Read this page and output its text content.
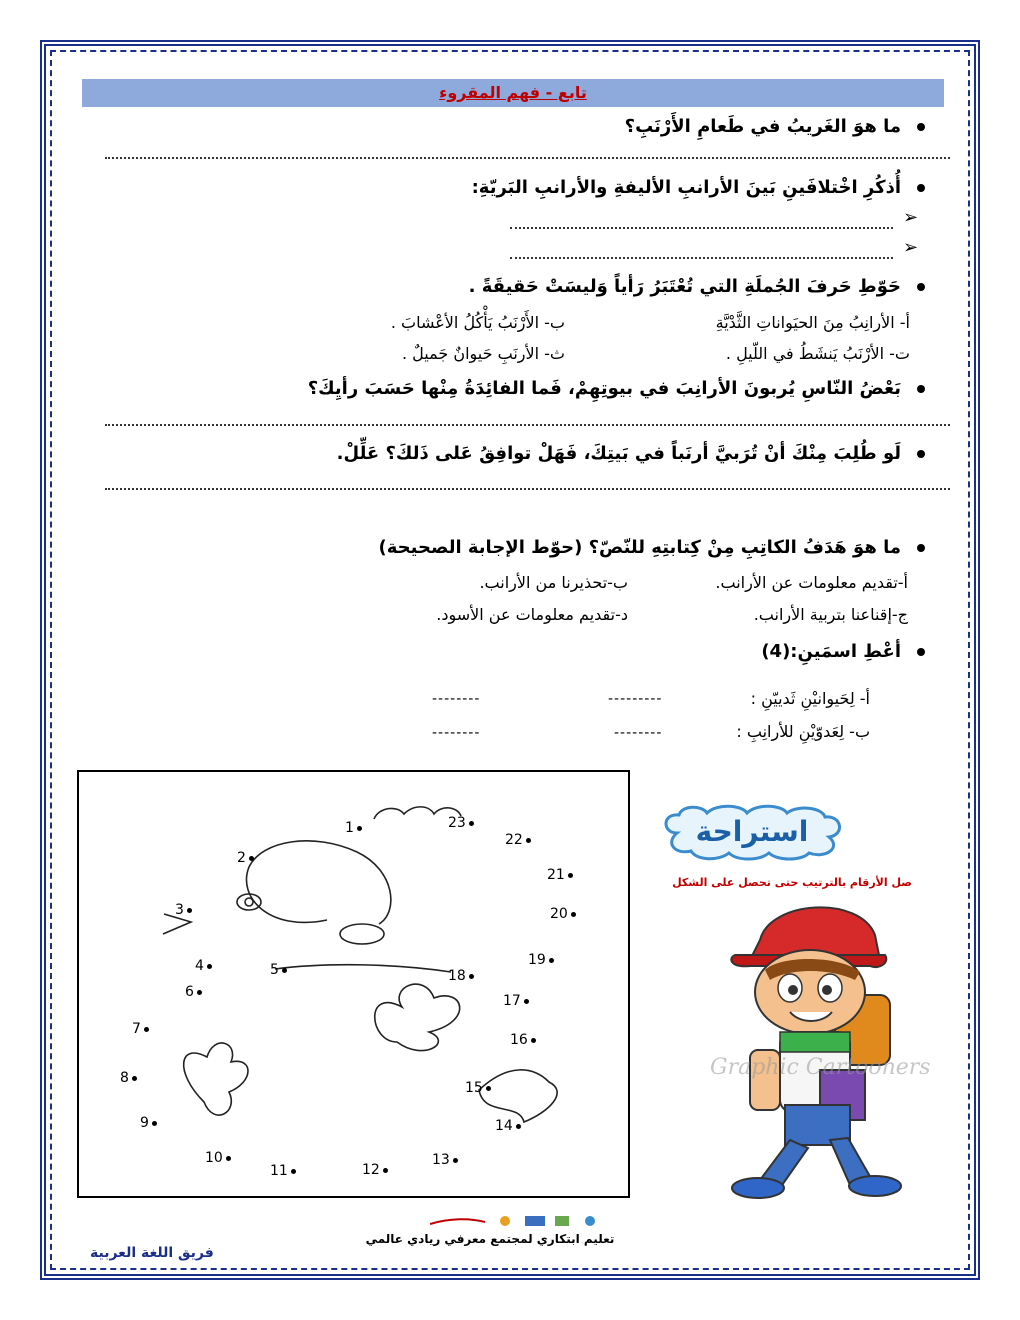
تابع - فهم المقروء
ما هوَ الغَريبُ في طَعامِ الأَرْنَبِ؟
أُذكُرِ اخْتلافَينِ بَينَ الأرانبِ الأليفةِ والأرانبِ البَريّةِ:
➢
➢
حَوّطِ حَرفَ الجُملَةِ التي تُعْتَبَرُ رَأياً وَليسَتْ حَقيقَةً .
أ- الأرانِبُ مِنَ الحيَواناتِ الثَّدْيَّةِ
ب- الأَرْنَبُ يَأْكُلُ الأعْشابَ .
ت- الأرْنَبُ يَنشَطُ في اللّيلِ .
ث- الأرنَبِ حَيوانٌ جَميلٌ .
بَعْضُ النّاسِ يُربونَ الأرانِبَ في بيوتِهِمْ، فَما الفائِدَةُ مِنْها حَسَبَ رأيِكَ؟
لَو طُلِبَ مِنْكَ أنْ تُرَبيَّ أرنَباً في بَيتِكَ، فَهَلْ توافِقُ عَلى ذَلكَ؟ عَلِّلْ.
ما هوَ هَدَفُ الكاتِبِ مِنْ كِتابتِهِ للنّصّ؟ (حوّط الإجابة الصحيحة)
أ-تقديم معلومات عن الأرانب.
ب-تحذيرنا من الأرانب.
ج-إقناعنا بتربية الأرانب.
د-تقديم معلومات عن الأسود.
أعْطِ اسمَينِ:(4)
أ- لِحَيوانيْنِ ثَدييّنِ :
---------
--------
ب- لِعَدوّيْنِ للأرانِبِ :
--------
--------
1
2
3
4	5
6
7
8
9
10
11	12
13
14
15
16
17
18
19
20
21
22
23	استراحة
صل الأرقام بالترتيب حتى تحصل على الشكل
Graphic Cartooners
تعليم ابتكاري لمجتمع معرفي ريادي عالمي
فريق اللغة العربية
